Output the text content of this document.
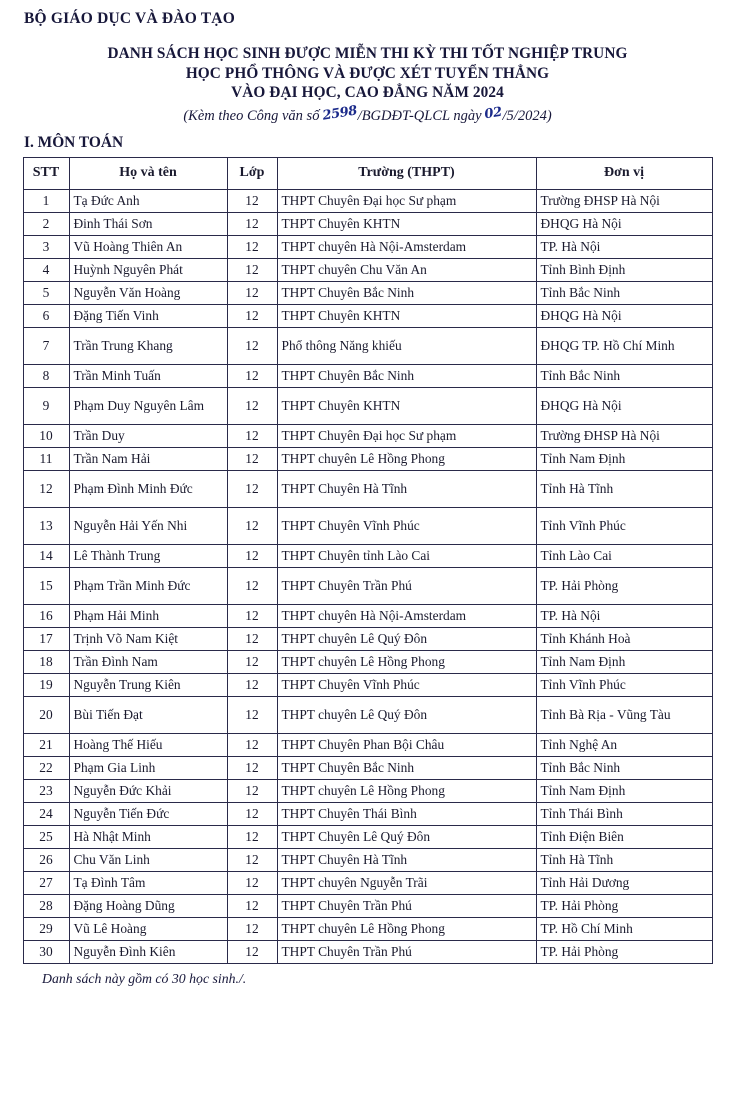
BỘ GIÁO DỤC VÀ ĐÀO TẠO
DANH SÁCH HỌC SINH ĐƯỢC MIỄN THI KỲ THI TỐT NGHIỆP TRUNG
HỌC PHỔ THÔNG VÀ ĐƯỢC XÉT TUYỂN THẲNG
VÀO ĐẠI HỌC, CAO ĐẲNG NĂM 2024
(Kèm theo Công văn số 2598/BGDĐT-QLCL ngày 02/5/2024)
I. MÔN TOÁN
STT	Họ và tên	Lớp	Trường (THPT)	Đơn vị
1	Tạ Đức Anh	12	THPT Chuyên Đại học Sư phạm	Trường ĐHSP Hà Nội
2	Đinh Thái Sơn	12	THPT Chuyên KHTN	ĐHQG Hà Nội
3	Vũ Hoàng Thiên An	12	THPT chuyên Hà Nội-Amsterdam	TP. Hà Nội
4	Huỳnh Nguyên Phát	12	THPT chuyên Chu Văn An	Tỉnh Bình Định
5	Nguyễn Văn Hoàng	12	THPT Chuyên Bắc Ninh	Tỉnh Bắc Ninh
6	Đặng Tiến Vinh	12	THPT Chuyên KHTN	ĐHQG Hà Nội
7	Trần Trung Khang	12	Phổ thông Năng khiếu	ĐHQG TP. Hồ Chí Minh
8	Trần Minh Tuấn	12	THPT Chuyên Bắc Ninh	Tỉnh Bắc Ninh
9	Phạm Duy Nguyên Lâm	12	THPT Chuyên KHTN	ĐHQG Hà Nội
10	Trần Duy	12	THPT Chuyên Đại học Sư phạm	Trường ĐHSP Hà Nội
11	Trần Nam Hải	12	THPT chuyên Lê Hồng Phong	Tỉnh Nam Định
12	Phạm Đình Minh Đức	12	THPT Chuyên Hà Tĩnh	Tỉnh Hà Tĩnh
13	Nguyễn Hải Yến Nhi	12	THPT Chuyên Vĩnh Phúc	Tỉnh Vĩnh Phúc
14	Lê Thành Trung	12	THPT Chuyên tỉnh Lào Cai	Tỉnh Lào Cai
15	Phạm Trần Minh Đức	12	THPT Chuyên Trần Phú	TP. Hải Phòng
16	Phạm Hải Minh	12	THPT chuyên Hà Nội-Amsterdam	TP. Hà Nội
17	Trịnh Võ Nam Kiệt	12	THPT chuyên Lê Quý Đôn	Tỉnh Khánh Hoà
18	Trần Đình Nam	12	THPT chuyên Lê Hồng Phong	Tỉnh Nam Định
19	Nguyễn Trung Kiên	12	THPT Chuyên Vĩnh Phúc	Tỉnh Vĩnh Phúc
20	Bùi Tiến Đạt	12	THPT chuyên Lê Quý Đôn	Tỉnh Bà Rịa - Vũng Tàu
21	Hoàng Thế Hiếu	12	THPT Chuyên Phan Bội Châu	Tỉnh Nghệ An
22	Phạm Gia Linh	12	THPT Chuyên Bắc Ninh	Tỉnh Bắc Ninh
23	Nguyễn Đức Khải	12	THPT chuyên Lê Hồng Phong	Tỉnh Nam Định
24	Nguyễn Tiến Đức	12	THPT Chuyên Thái Bình	Tỉnh Thái Bình
25	Hà Nhật Minh	12	THPT Chuyên Lê Quý Đôn	Tỉnh Điện Biên
26	Chu Văn Linh	12	THPT Chuyên Hà Tĩnh	Tỉnh Hà Tĩnh
27	Tạ Đình Tâm	12	THPT chuyên Nguyễn Trãi	Tỉnh Hải Dương
28	Đặng Hoàng Dũng	12	THPT Chuyên Trần Phú	TP. Hải Phòng
29	Vũ Lê Hoàng	12	THPT chuyên Lê Hồng Phong	TP. Hồ Chí Minh
30	Nguyễn Đình Kiên	12	THPT Chuyên Trần Phú	TP. Hải Phòng
Danh sách này gồm có 30 học sinh./.
